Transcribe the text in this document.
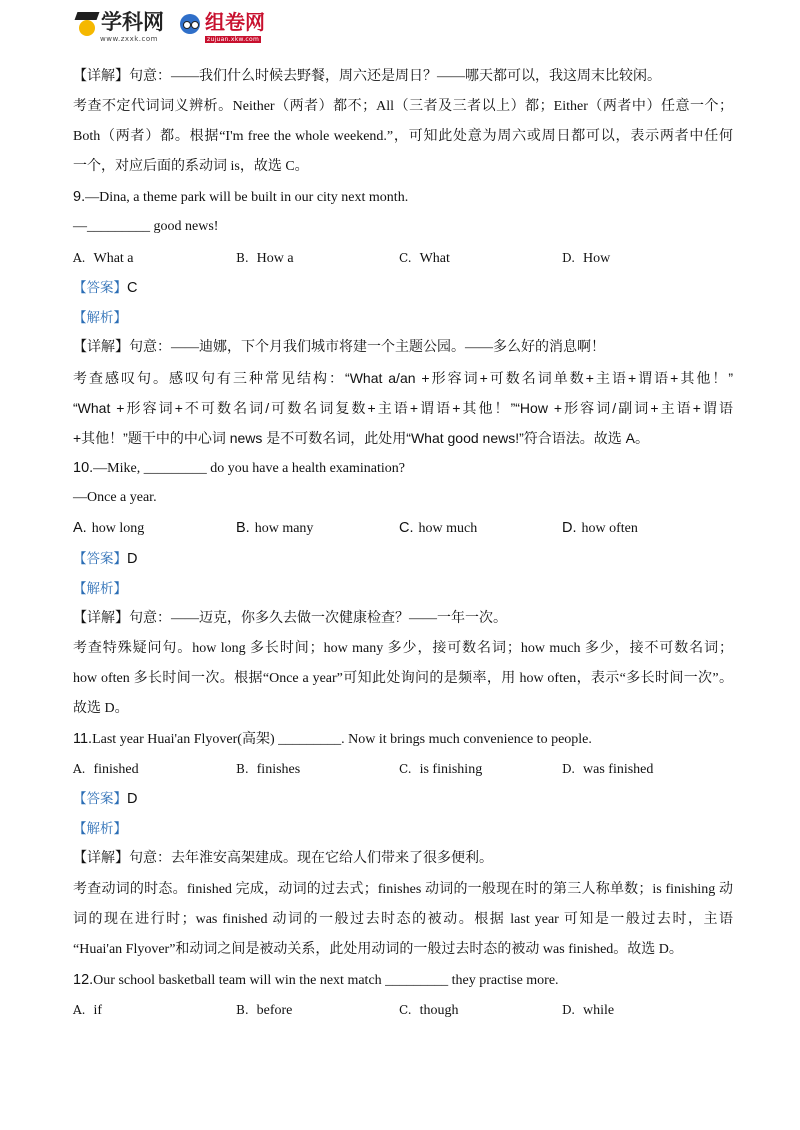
学科网
www.zxxk.com
组卷网
zujuan.xkw.com
【详解】句意：——我们什么时候去野餐，周六还是周日？——哪天都可以，我这周末比较闲。
考查不定代词词义辨析。Neither（两者）都不；All（三者及三者以上）都；Either（两者中）任意一个；
Both（两者）都。根据“I'm free the whole weekend.”，可知此处意为周六或周日都可以，表示两者中任何
一个，对应后面的系动词 is，故选 C。
9.—Dina, a theme park will be built in our city next month.
—_________ good news!
A. What a	B. How a	C. What	D. How
【答案】C
【解析】
【详解】句意：——迪娜，下个月我们城市将建一个主题公园。——多么好的消息啊！
考查感叹句。感叹句有三种常见结构：“What a/an +形容词+可数名词单数+主语+谓语+其他！”
“What +形容词+不可数名词/可数名词复数+主语+谓语+其他！”“How +形容词/副词+主语+谓语
+其他！”题干中的中心词 news 是不可数名词，此处用“What good news!”符合语法。故选 A。
10.—Mike, _________ do you have a health examination?
—Once a year.
A. how long	B. how many	C. how much	D. how often
【答案】D
【解析】
【详解】句意：——迈克，你多久去做一次健康检查？——一年一次。
考查特殊疑问句。how long 多长时间；how many 多少，接可数名词；how much 多少，接不可数名词；
how often 多长时间一次。根据“Once a year”可知此处询问的是频率，用 how often，表示“多长时间一次”。
故选 D。
11.Last year Huai'an Flyover(高架) _________. Now it brings much convenience to people.
A. finished	B. finishes	C. is finishing	D. was finished
【答案】D
【解析】
【详解】句意：去年淮安高架建成。现在它给人们带来了很多便利。
考查动词的时态。finished 完成，动词的过去式；finishes 动词的一般现在时的第三人称单数；is finishing 动
词的现在进行时；was finished 动词的一般过去时态的被动。根据 last year 可知是一般过去时，主语
“Huai'an Flyover”和动词之间是被动关系，此处用动词的一般过去时态的被动 was finished。故选 D。
12.Our school basketball team will win the next match _________ they practise more.
A. if	B. before	C. though	D. while
